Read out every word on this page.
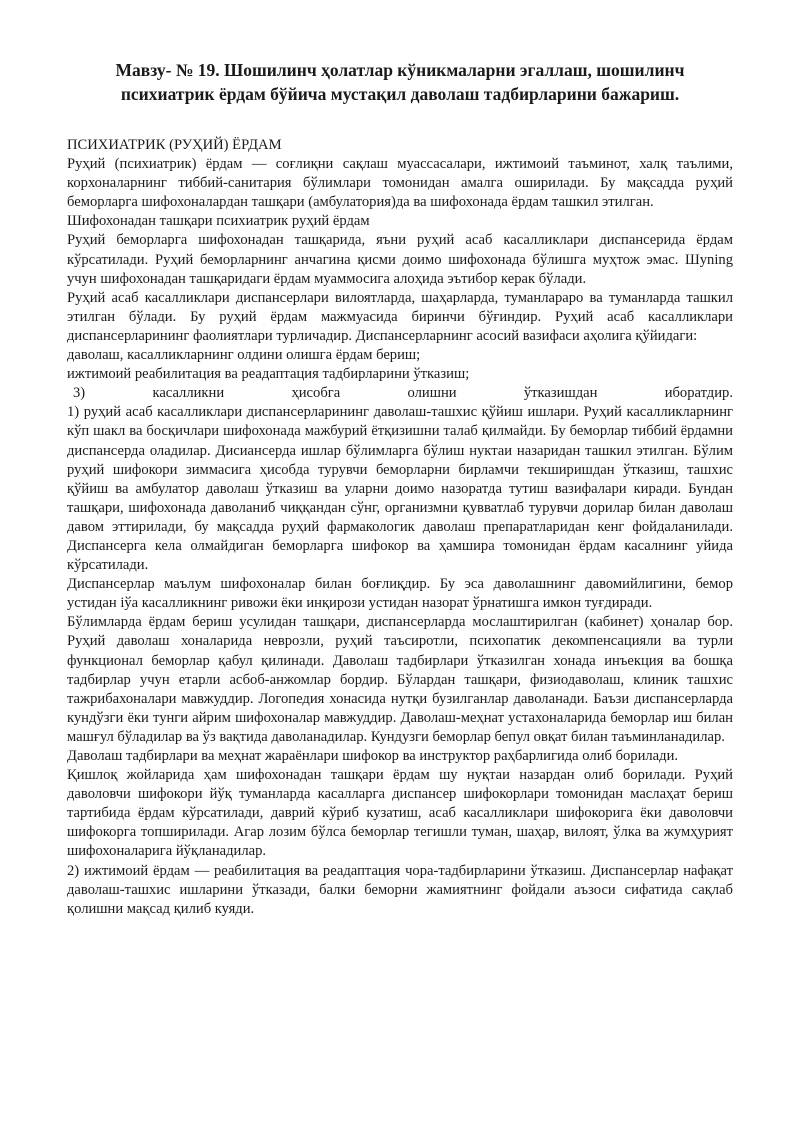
Мавзу- № 19. Шошилинч ҳолатлар кўникмаларни эгаллаш, шошилинч
психиатрик ёрдам бўйича мустақил даволаш тадбирларини бажариш.

ПСИХИАТРИК (РУҲИЙ) ЁРДАМ

Руҳий (психиатрик) ёрдам — соғлиқни сақлаш муассасалари, ижтимоий таъминот, халқ таълими, корхоналарнинг тиббий-санитария бўлимлари томонидан амалга оширилади. Бу мақсадда руҳий беморларга шифохоналардан ташқари (амбулатория)да ва шифохонада ёрдам ташкил этилган.

Шифохонадан ташқари психиатрик руҳий ёрдам

Руҳий беморларга шифохонадан ташқарида, яъни руҳий асаб касалликлари диспансерида ёрдам кўрсатилади. Руҳий беморларнинг анчагина қисми доимо шифохонада бўлишга муҳтож эмас. Шуning учун шифохонадан ташқаридаги ёрдам муаммосига алоҳида эътибор керак бўлади.

Руҳий асаб касалликлари диспансерлари вилоятларда, шаҳарларда, туманлараро ва туманларда ташкил этилган бўлади. Бу руҳий ёрдам мажмуасида биринчи бўғиндир. Руҳий асаб касалликлари диспансерларининг фаолиятлари турличадир. Диспансерларнинг асосий вазифаси аҳолига қўйидаги:

даволаш, касалликларнинг олдини олишга ёрдам бериш;

ижтимоий реабилитация ва реадаптация тадбирларини ўтказиш;

3) касалликни ҳисобга олишни ўтказишдан иборатдир.

1) руҳий асаб касалликлари диспансерларининг даволаш-ташхис қўйиш ишлари. Руҳий касалликларнинг кўп шакл ва босқичлари шифохонада мажбурий ётқизишни талаб қилмайди. Бу беморлар тиббий ёрдамни диспансерда оладилар. Дисиансерда ишлар бўлимларга бўлиш нуктаи назаридан ташкил этилган. Бўлим руҳий шифокори зиммасига ҳисобда турувчи беморларни бирламчи текширишдан ўтказиш, ташхис қўйиш ва амбулатор даволаш ўтказиш ва уларни доимо назоратда тутиш вазифалари киради. Бундан ташқари, шифохонада даволаниб чиққандан сўнг, организмни қувватлаб турувчи дорилар билан даволаш давом эттирилади, бу мақсадда руҳий фармакологик даволаш препаратларидан кенг фойдаланилади. Диспансерга кела олмайдиган беморларга шифокор ва ҳамшира томонидан ёрдам касалнинг уйида кўрсатилади.

Диспансерлар маълум шифохоналар билан боғлиқдир. Бу эса даволашнинг давомийлигини, бемор устидан іўа касалликнинг ривожи ёки инқирози устидан назорат ўрнатишга имкон туғдиради.

Бўлимларда ёрдам бериш усулидан ташқари, диспансерларда мослаштирилган (кабинет) ҳоналар бор. Руҳий даволаш хоналарида неврозли, руҳий таъсиротли, психопатик декомпенсацияли ва турли функционал беморлар қабул қилинади. Даволаш тадбирлари ўтказилган хонада инъекция ва бошқа тадбирлар учун етарли асбоб-анжомлар бордир. Бўлардан ташқари, физиодаволаш, клиник ташхис тажрибахоналари мавжуддир. Логопедия хонасида нутқи бузилганлар даволанади. Баъзи диспансерларда кундўзги ёки тунги айрим шифохоналар мавжуддир. Даволаш-меҳнат устахоналарида беморлар иш билан машғул бўладилар ва ўз вақтида даволанадилар. Кундузги беморлар бепул овқат билан таъминланадилар.

Даволаш тадбирлари ва меҳнат жараёнлари шифокор ва инструктор раҳбарлигида олиб борилади.

Қишлоқ жойларида ҳам шифохонадан ташқари ёрдам шу нуқтаи назардан олиб борилади. Руҳий даволовчи шифокори йўқ туманларда касалларга диспансер шифокорлари томонидан маслаҳат бериш тартибида ёрдам кўрсатилади, даврий кўриб кузатиш, асаб касалликлари шифокорига ёки даволовчи шифокорга топширилади. Агар лозим бўлса беморлар тегишли туман, шаҳар, вилоят, ўлка ва жумҳурият шифохоналарига йўқланадилар.

2) ижтимоий ёрдам — реабилитация ва реадаптация чора-тадбирларини ўтказиш. Диспансерлар нафақат даволаш-ташхис ишларини ўтказади, балки беморни жамиятнинг фойдали аъзоси сифатида сақлаб қолишни мақсад қилиб куяди.
